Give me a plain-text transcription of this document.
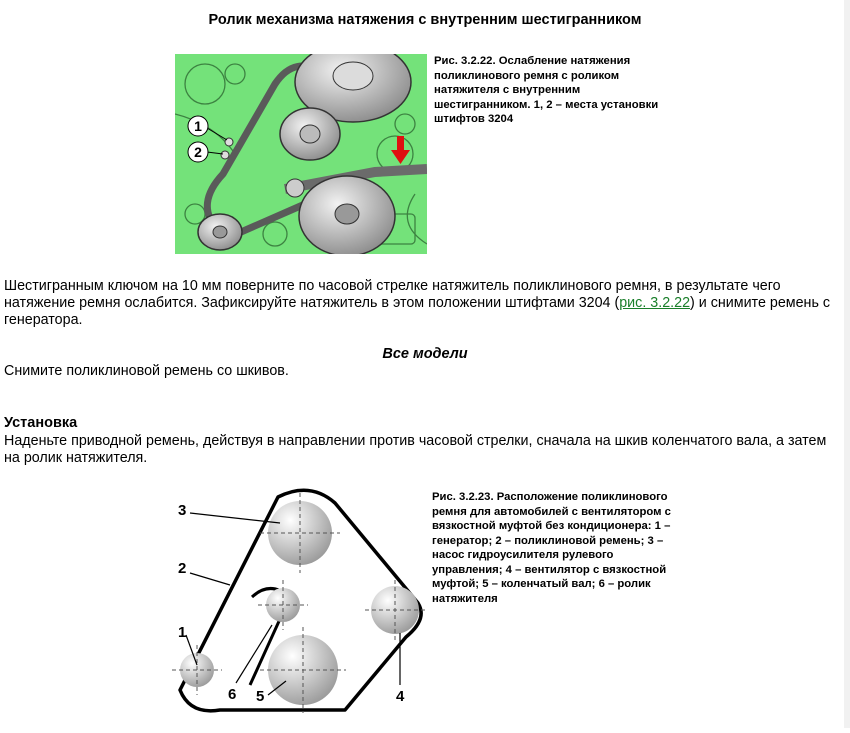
Ролик механизма натяжения с внутренним шестигранником
1
2
Рис. 3.2.22. Ослабление натяжения поликлинового ремня с роликом натяжителя с внутренним шестигранником. 1, 2 – места установки штифтов 3204
Шестигранным ключом на 10 мм поверните по часовой стрелке натяжитель поликлинового ремня, в результате чего натяжение ремня ослабится. Зафиксируйте натяжитель в этом положении штифтами 3204 (рис. 3.2.22) и снимите ремень с генератора.
Все модели
Снимите поликлиновой ремень со шкивов.
Установка
Наденьте приводной ремень, действуя в направлении против часовой стрелки, сначала на шкив коленчатого вала, а затем на ролик натяжителя.
3
2
1
6 5	4
Рис. 3.2.23. Расположение поликлинового ремня для автомобилей с вентилятором с вязкостной муфтой без кондиционера: 1 – генератор; 2 – поликлиновой ремень; 3 – насос гидроусилителя рулевого управления; 4 – вентилятор с вязкостной муфтой; 5 – коленчатый вал; 6 – ролик натяжителя
